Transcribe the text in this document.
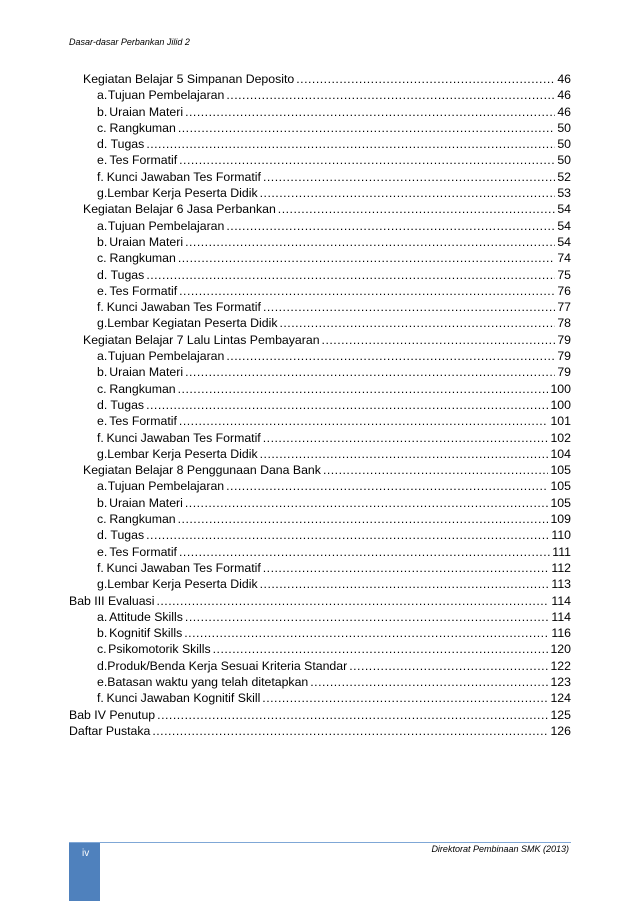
Dasar-dasar Perbankan Jilid 2
Kegiatan Belajar 5 Simpanan Deposito .....	46
a. Tujuan Pembelajaran .....	46
b. Uraian Materi .....	46
c. Rangkuman .....	50
d. Tugas .....	50
e. Tes Formatif .....	50
f. Kunci Jawaban Tes Formatif .....	52
g. Lembar Kerja Peserta Didik .....	53
Kegiatan Belajar 6 Jasa Perbankan .....	54
a. Tujuan Pembelajaran .....	54
b. Uraian Materi .....	54
c. Rangkuman .....	74
d. Tugas .....	75
e. Tes Formatif .....	76
f. Kunci Jawaban Tes Formatif .....	77
g. Lembar Kegiatan Peserta Didik .....	78
Kegiatan Belajar 7 Lalu Lintas Pembayaran .....	79
a. Tujuan Pembelajaran .....	79
b. Uraian Materi .....	79
c. Rangkuman .....	100
d. Tugas .....	100
e. Tes Formatif .....	101
f. Kunci Jawaban Tes Formatif .....	102
g. Lembar Kerja Peserta Didik .....	104
Kegiatan Belajar 8 Penggunaan Dana Bank .....	105
a. Tujuan Pembelajaran .....	105
b. Uraian Materi .....	105
c. Rangkuman .....	109
d. Tugas .....	110
e. Tes Formatif .....	111
f. Kunci Jawaban Tes Formatif .....	112
g. Lembar Kerja Peserta Didik .....	113
Bab III Evaluasi .....	114
a. Attitude Skills .....	114
b. Kognitif Skills .....	116
c. Psikomotorik Skills .....	120
d. Produk/Benda Kerja Sesuai Kriteria Standar .....	122
e. Batasan waktu yang telah ditetapkan .....	123
f. Kunci Jawaban Kognitif Skill .....	124
Bab IV Penutup .....	125
Daftar Pustaka .....	126
iv	Direktorat Pembinaan SMK (2013)
